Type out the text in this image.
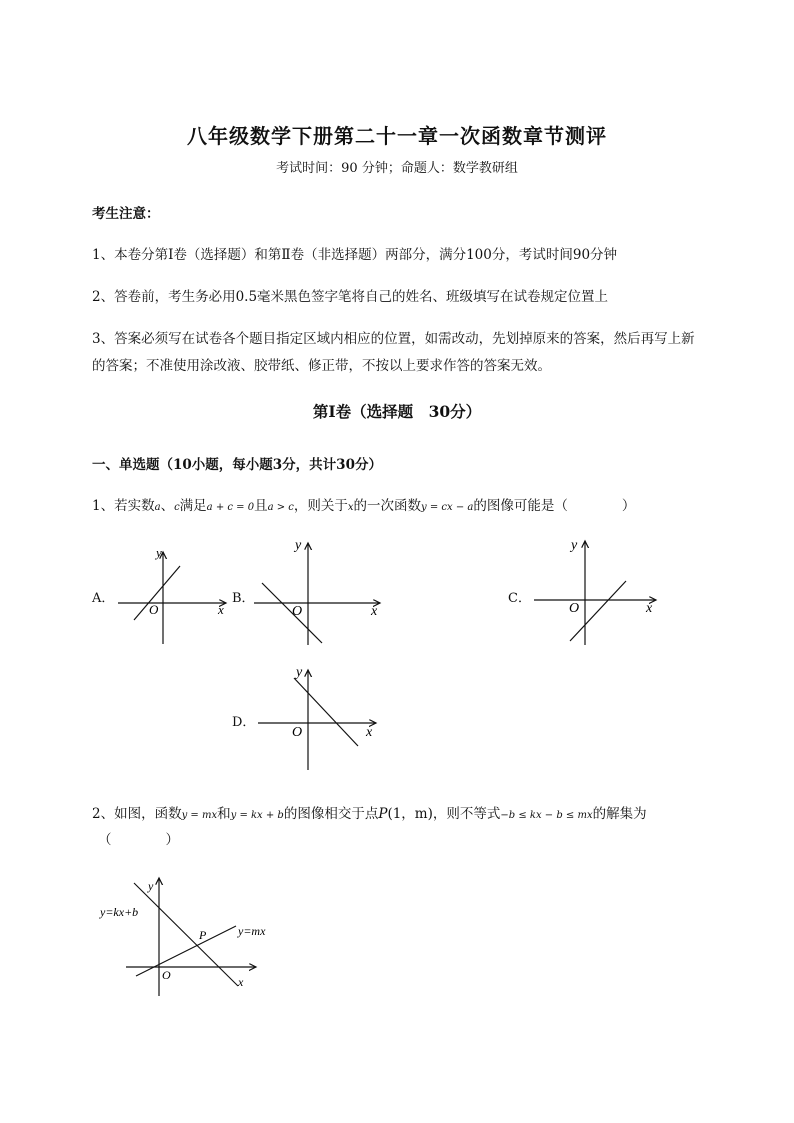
八年级数学下册第二十一章一次函数章节测评
考试时间：90 分钟；命题人：数学教研组
考生注意：
1、本卷分第Ⅰ卷（选择题）和第Ⅱ卷（非选择题）两部分，满分100分，考试时间90分钟
2、答卷前，考生务必用0.5毫米黑色签字笔将自己的姓名、班级填写在试卷规定位置上
3、答案必须写在试卷各个题目指定区域内相应的位置，如需改动，先划掉原来的答案，然后再写上新
的答案；不准使用涂改液、胶带纸、修正带，不按以上要求作答的答案无效。
第Ⅰ卷（选择题　30分）
一、单选题（10小题，每小题3分，共计30分）
1、若实数a、c满足a + c = 0且a > c，则关于x的一次函数y = cx − a的图像可能是（　　　　）
A．	B．	C．
D．
y
x
O
y
x
O
y
x
O
y
x
O
2、如图，函数y = mx和y = kx + b的图像相交于点P(1，m)，则不等式−b ≤ kx − b ≤ mx的解集为
（　　　　）
y
x
O
P
y=kx+b
y=mx
